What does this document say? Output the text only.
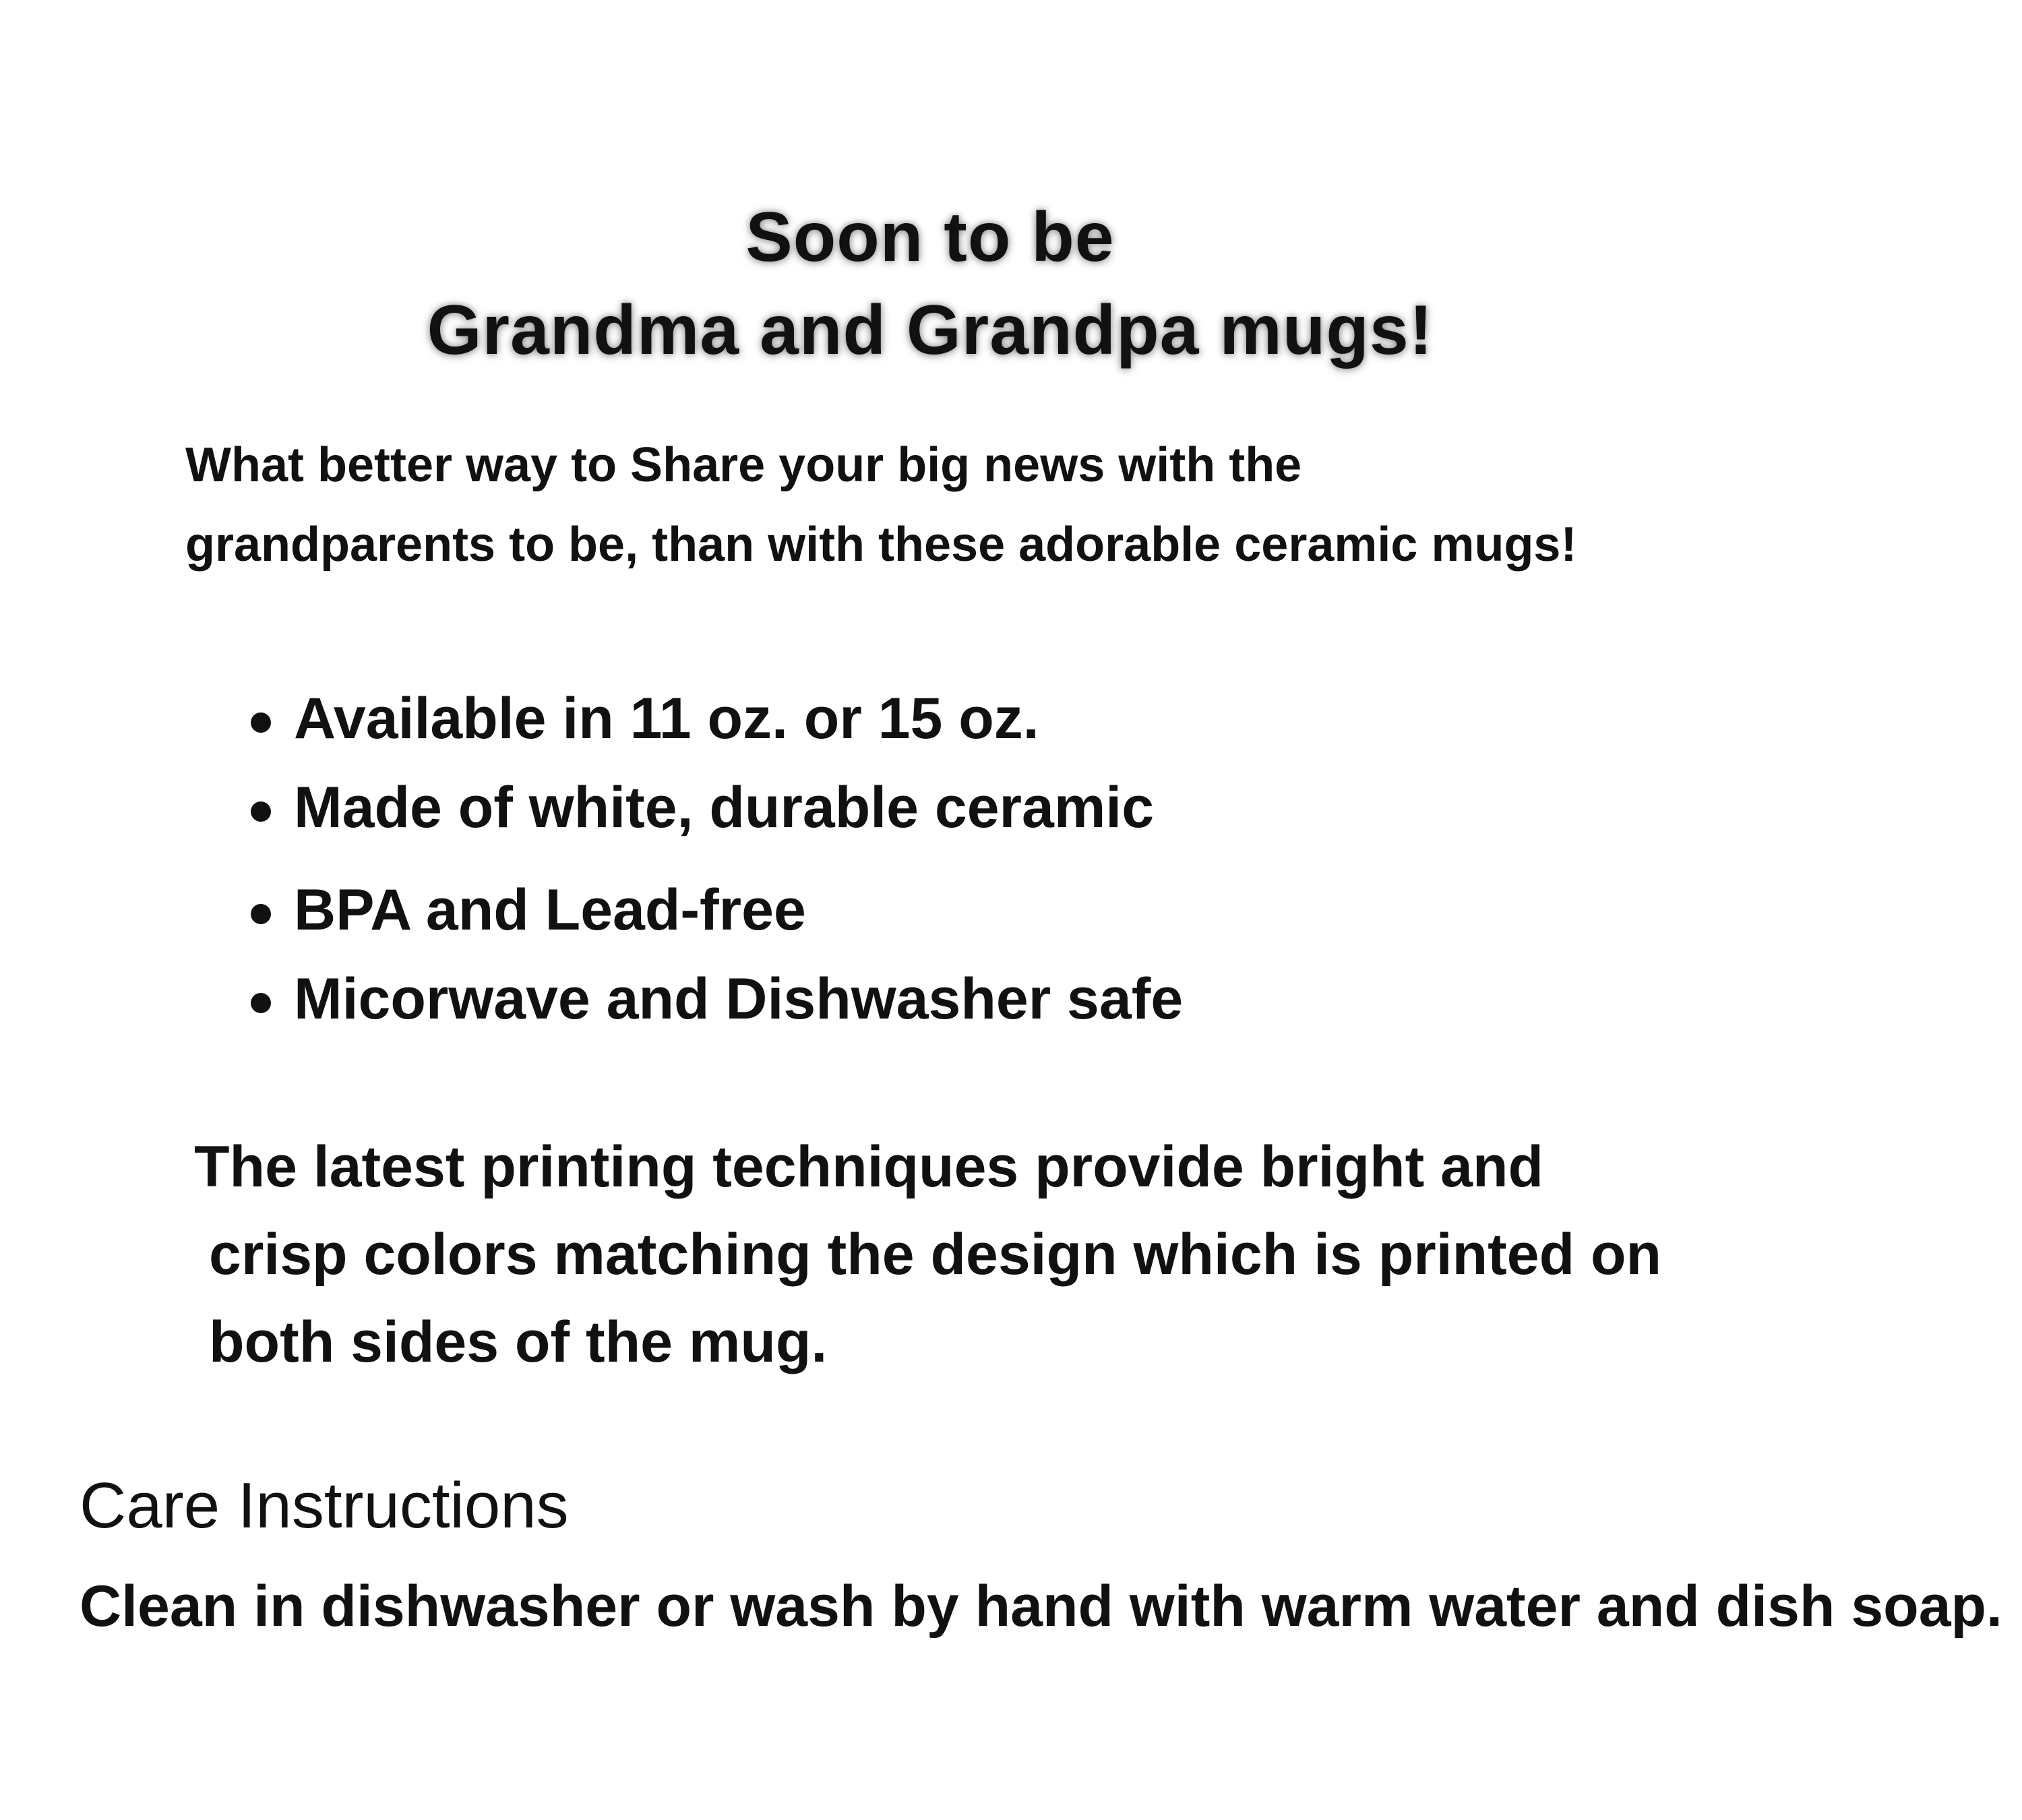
Soon to be
Grandma and Grandpa mugs!

What better way to Share your big news with the

grandparents to be, than with these adorable ceramic mugs!

Available in 11 oz. or 15 oz.
Made of white, durable ceramic
BPA and Lead-free
Micorwave and Dishwasher safe

The latest printing techniques provide bright and

crisp colors matching the design which is printed on

both sides of the mug.

Care Instructions

Clean in dishwasher or wash by hand with warm water and dish soap.
